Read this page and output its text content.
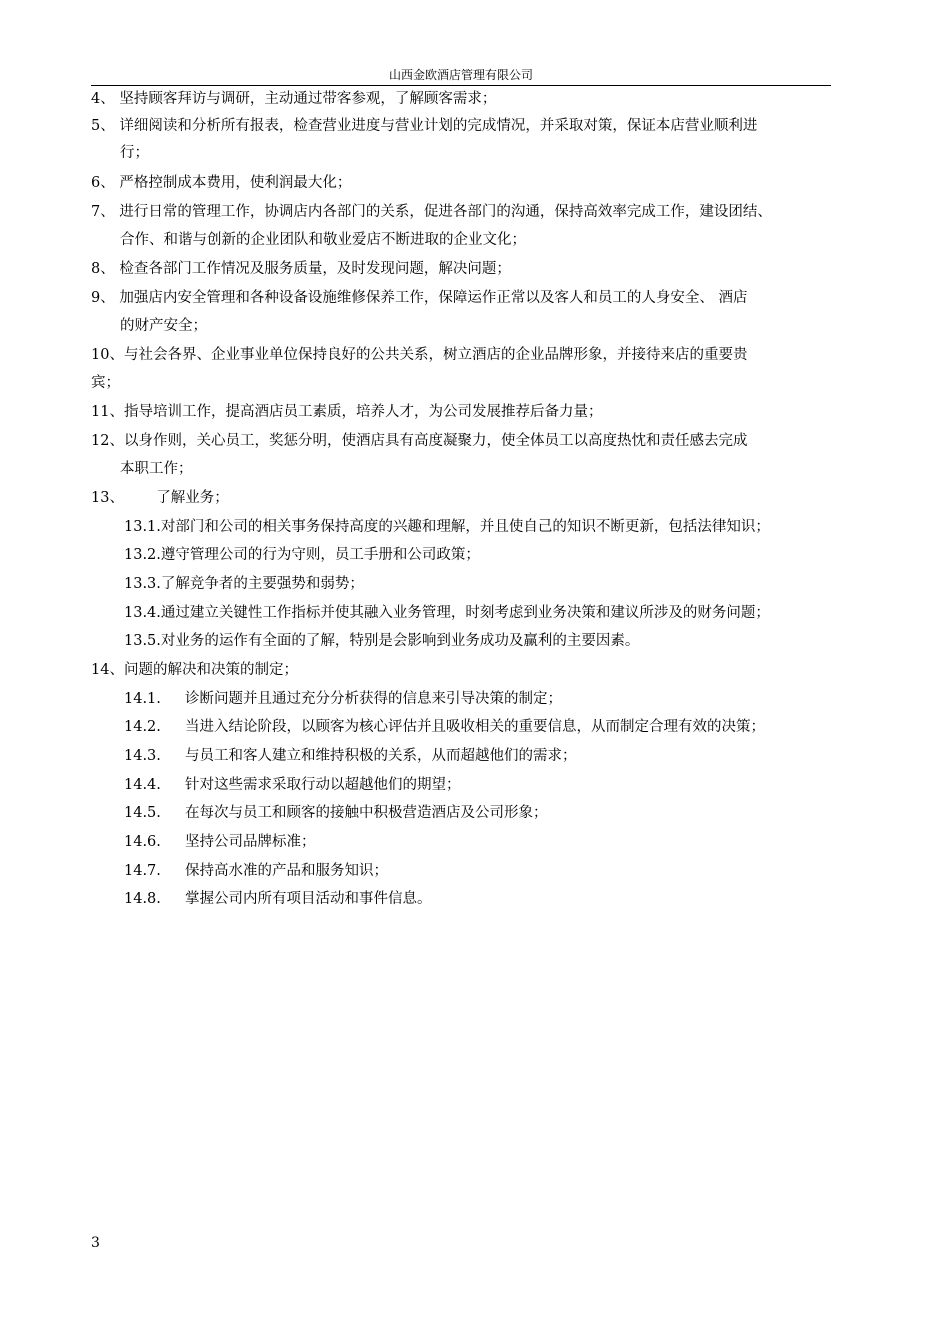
山西金欧酒店管理有限公司
4、 坚持顾客拜访与调研，主动通过带客参观，了解顾客需求；
5、 详细阅读和分析所有报表，检查营业进度与营业计划的完成情况，并采取对策，保证本店营业顺利进
行；
6、 严格控制成本费用，使利润最大化；
7、 进行日常的管理工作，协调店内各部门的关系，促进各部门的沟通，保持高效率完成工作，建设团结、
合作、和谐与创新的企业团队和敬业爱店不断进取的企业文化；
8、 检查各部门工作情况及服务质量，及时发现问题，解决问题；
9、 加强店内安全管理和各种设备设施维修保养工作，保障运作正常以及客人和员工的人身安全、 酒店
的财产安全；
10、与社会各界、企业事业单位保持良好的公共关系，树立酒店的企业品牌形象，并接待来店的重要贵
宾；
11、指导培训工作，提高酒店员工素质，培养人才，为公司发展推荐后备力量；
12、以身作则，关心员工，奖惩分明，使酒店具有高度凝聚力，使全体员工以高度热忱和责任感去完成
本职工作；
13、       了解业务；
13.1.对部门和公司的相关事务保持高度的兴趣和理解，并且使自己的知识不断更新，包括法律知识；
13.2.遵守管理公司的行为守则，员工手册和公司政策；
13.3.了解竞争者的主要强势和弱势；
13.4.通过建立关键性工作指标并使其融入业务管理，时刻考虑到业务决策和建议所涉及的财务问题；
13.5.对业务的运作有全面的了解，特别是会影响到业务成功及赢利的主要因素。
14、问题的解决和决策的制定；
14.1. 诊断问题并且通过充分分析获得的信息来引导决策的制定；
14.2. 当进入结论阶段，以顾客为核心评估并且吸收相关的重要信息，从而制定合理有效的决策；
14.3. 与员工和客人建立和维持积极的关系，从而超越他们的需求；
14.4. 针对这些需求采取行动以超越他们的期望；
14.5. 在每次与员工和顾客的接触中积极营造酒店及公司形象；
14.6. 坚持公司品牌标准；
14.7. 保持高水准的产品和服务知识；
14.8. 掌握公司内所有项目活动和事件信息。
3
